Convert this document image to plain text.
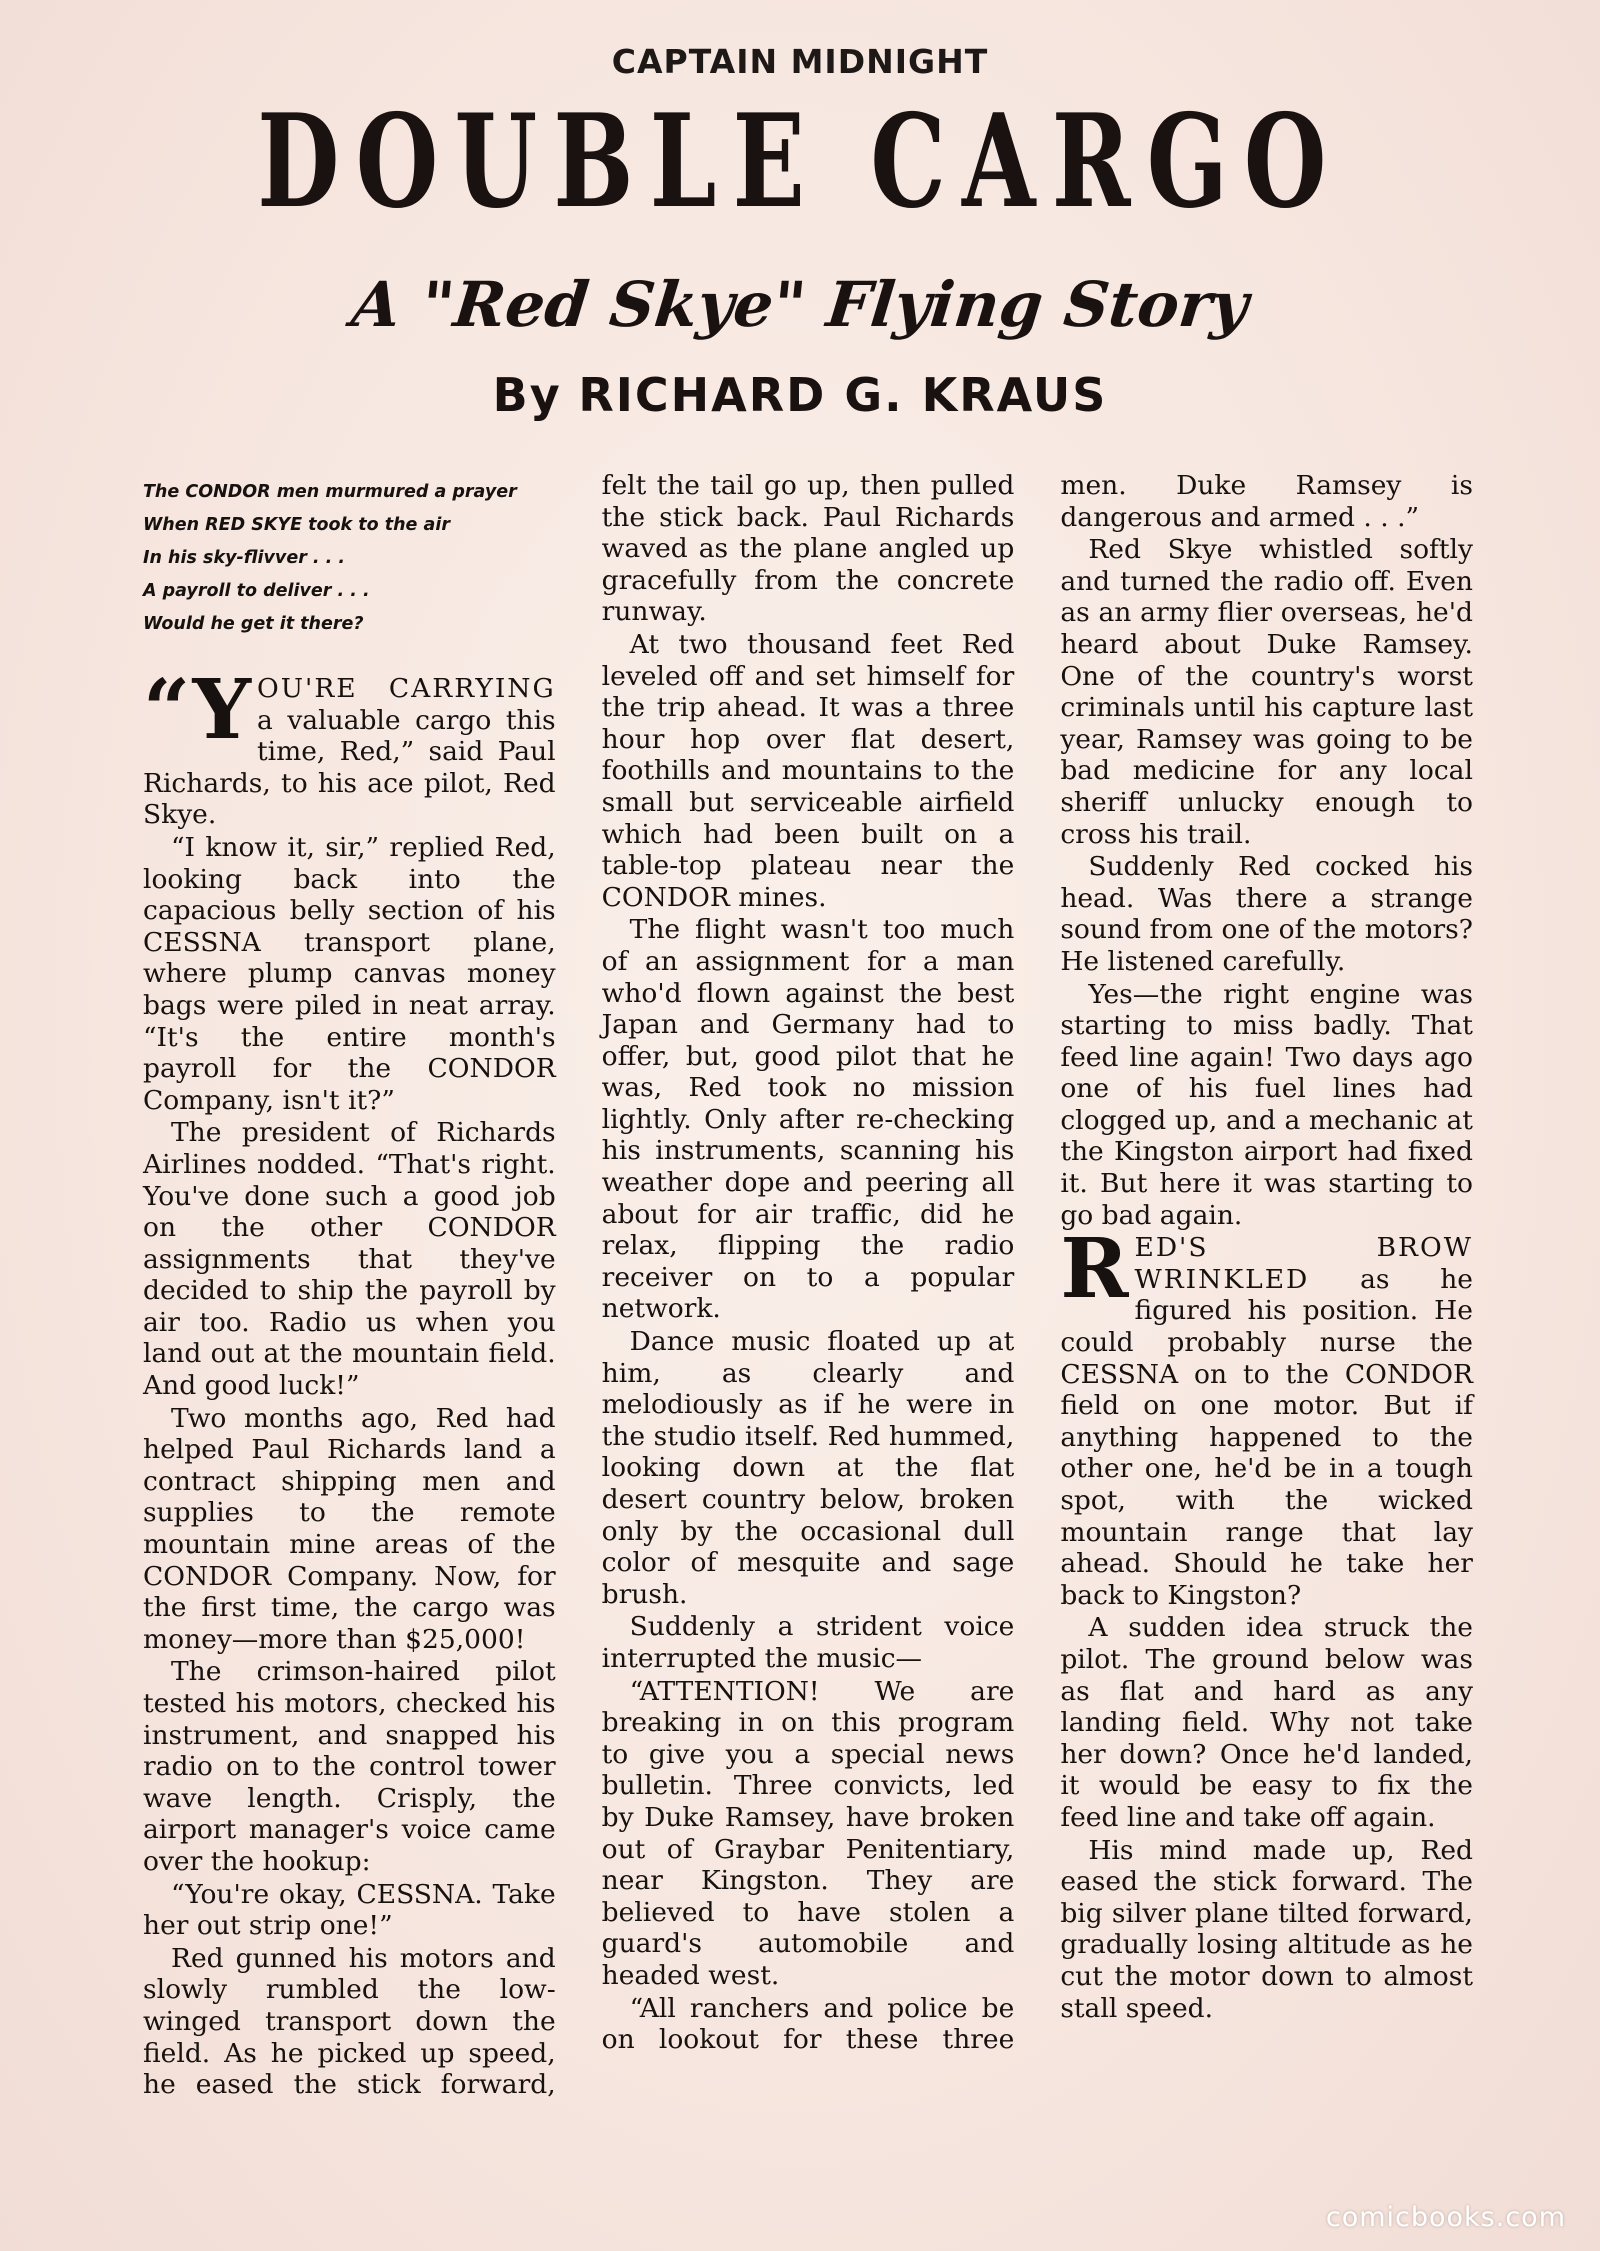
CAPTAIN MIDNIGHT
DOUBLE CARGO
A "Red Skye" Flying Story
By RICHARD G. KRAUS

The CONDOR men murmured a prayer
When RED SKYE took to the air
In his sky-flivver . . .
A payroll to deliver . . .
Would he get it there?

“YOU'RE CARRYING a valuable cargo this time, Red,” said Paul Richards, to his ace pilot, Red Skye.

“I know it, sir,” replied Red, looking back into the capacious belly section of his CESSNA transport plane, where plump canvas money bags were piled in neat array. “It's the entire month's payroll for the CONDOR Company, isn't it?”

The president of Richards Airlines nodded. “That's right. You've done such a good job on the other CONDOR assignments that they've decided to ship the payroll by air too. Radio us when you land out at the mountain field. And good luck!”

Two months ago, Red had helped Paul Richards land a contract shipping men and supplies to the remote mountain mine areas of the CONDOR Company. Now, for the first time, the cargo was money—more than $25,000!

The crimson-haired pilot tested his motors, checked his instrument, and snapped his radio on to the control tower wave length. Crisply, the airport manager's voice came over the hookup:

“You're okay, CESSNA. Take her out strip one!”

Red gunned his motors and slowly rumbled the low-winged transport down the field. As he picked up speed, he eased the stick forward, felt the tail go up, then pulled the stick back. Paul Richards waved as the plane angled up gracefully from the concrete runway.

At two thousand feet Red leveled off and set himself for the trip ahead. It was a three hour hop over flat desert, foothills and mountains to the small but serviceable airfield which had been built on a table-top plateau near the CONDOR mines.

The flight wasn't too much of an assignment for a man who'd flown against the best Japan and Germany had to offer, but, good pilot that he was, Red took no mission lightly. Only after re-checking his instruments, scanning his weather dope and peering all about for air traffic, did he relax, flipping the radio receiver on to a popular network.

Dance music floated up at him, as clearly and melodiously as if he were in the studio itself. Red hummed, looking down at the flat desert country below, broken only by the occasional dull color of mesquite and sage brush.

Suddenly a strident voice interrupted the music—

“ATTENTION! We are breaking in on this program to give you a special news bulletin. Three convicts, led by Duke Ramsey, have broken out of Graybar Penitentiary, near Kingston. They are believed to have stolen a guard's automobile and headed west.

“All ranchers and police be on lookout for these three men. Duke Ramsey is dangerous and armed . . .”

Red Skye whistled softly and turned the radio off. Even as an army flier overseas, he'd heard about Duke Ramsey. One of the country's worst criminals until his capture last year, Ramsey was going to be bad medicine for any local sheriff unlucky enough to cross his trail.

Suddenly Red cocked his head. Was there a strange sound from one of the motors? He listened carefully.

Yes—the right engine was starting to miss badly. That feed line again! Two days ago one of his fuel lines had clogged up, and a mechanic at the Kingston airport had fixed it. But here it was starting to go bad again.

RED'S BROW WRINKLED as he figured his position. He could probably nurse the CESSNA on to the CONDOR field on one motor. But if anything happened to the other one, he'd be in a tough spot, with the wicked mountain range that lay ahead. Should he take her back to Kingston?

A sudden idea struck the pilot. The ground below was as flat and hard as any landing field. Why not take her down? Once he'd landed, it would be easy to fix the feed line and take off again.

His mind made up, Red eased the stick forward. The big silver plane tilted forward, gradually losing altitude as he cut the motor down to almost stall speed.

comicbooks.com
